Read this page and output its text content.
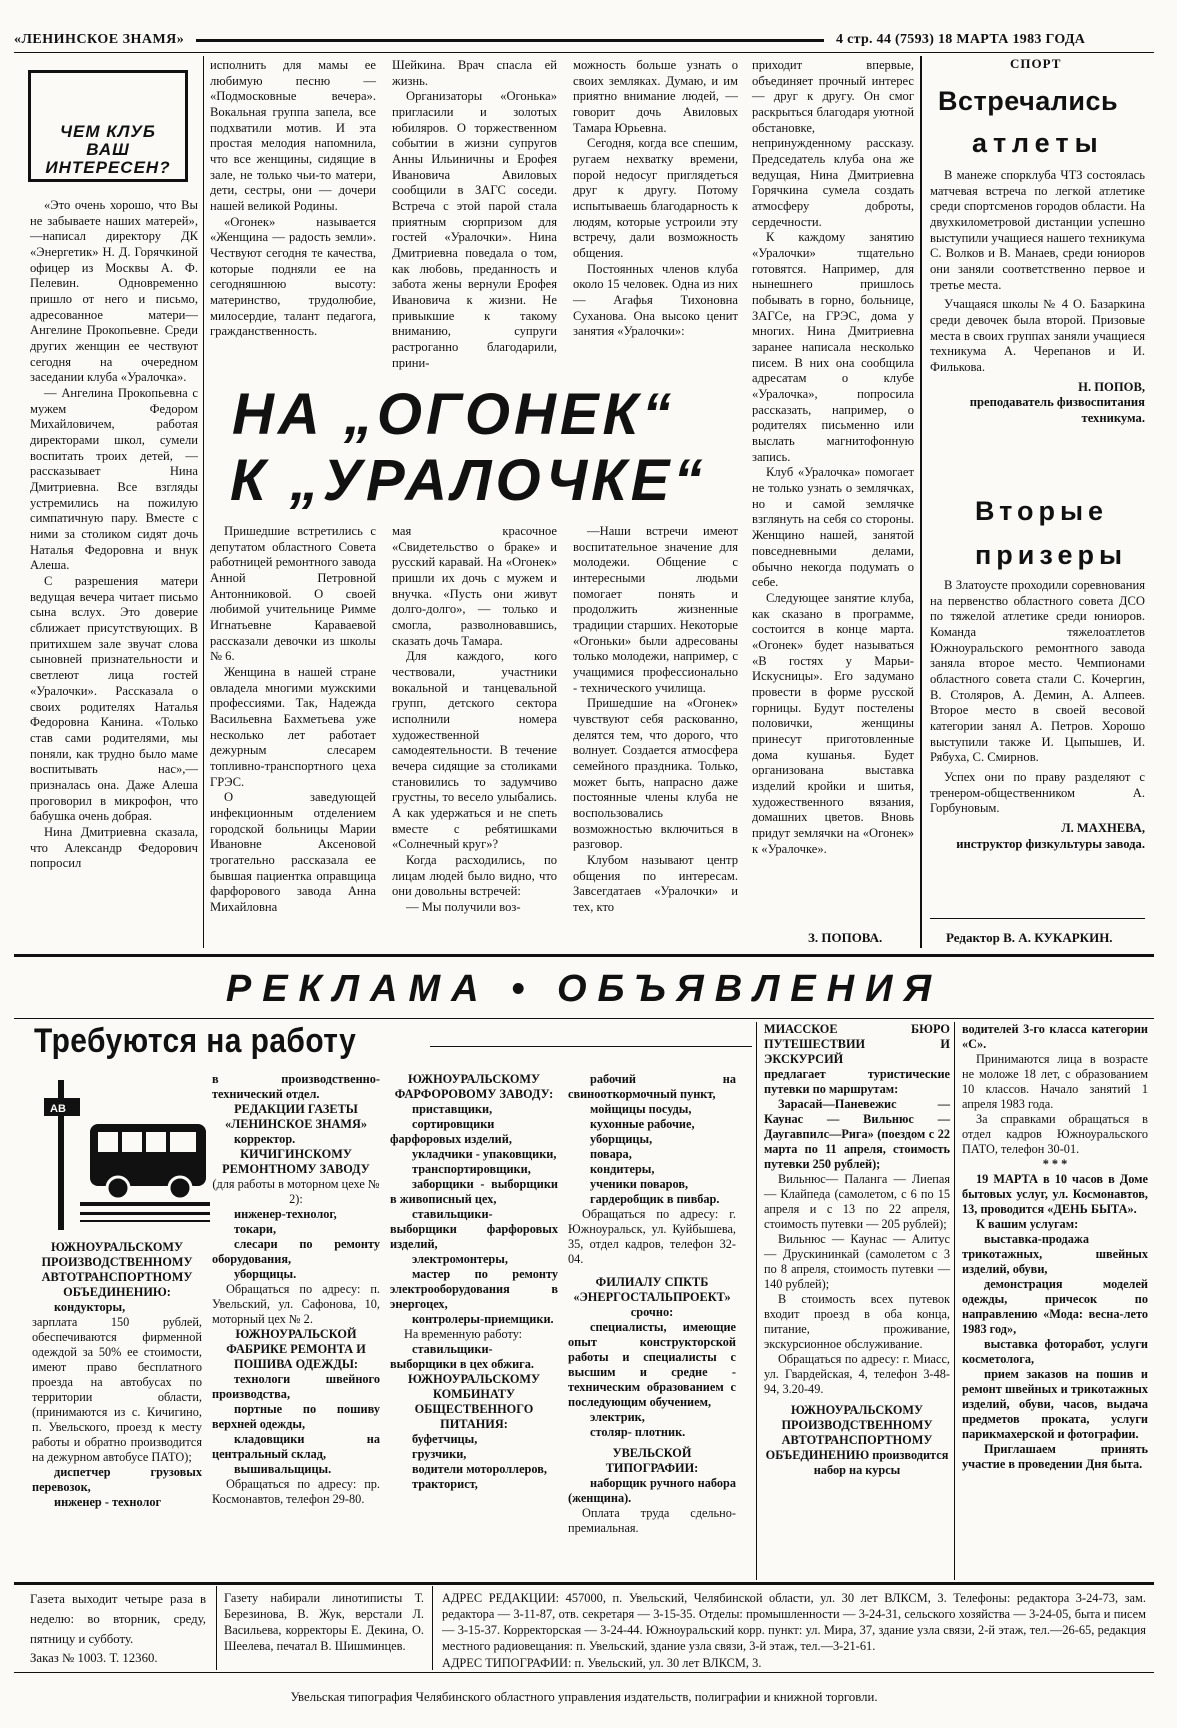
«ЛЕНИНСКОЕ ЗНАМЯ»	4 стр. 44 (7593) 18 МАРТА 1983 ГОДА
ЧЕМ КЛУБ ВАШ ИНТЕРЕСЕН?

«Это очень хорошо, что Вы не забываете наших матерей», —написал директору ДК «Энергетик» Н. Д. Горячкиной офицер из Москвы А. Ф. Пелевин. Одновременно пришло от него и письмо, адресованное матери— Ангелине Прокопьевне. Среди других женщин ее чествуют сегодня на очередном заседании клуба «Уралочка».

— Ангелина Прокопьевна с мужем Федором Михайловичем, работая директорами школ, сумели воспитать троих детей, — рассказывает Нина Дмитриевна. Все взгляды устремились на пожилую симпатичную пару. Вместе с ними за столиком сидят дочь Наталья Федоровна и внук Алеша.

С разрешения матери ведущая вечера читает письмо сына вслух. Это доверие сближает присутствующих. В притихшем зале звучат слова сыновней признательности и светлеют лица гостей «Уралочки». Рассказала о своих родителях Наталья Федоровна Канина. «Только став сами родителями, мы поняли, как трудно было маме воспитывать нас»,—призналась она. Даже Алеша проговорил в микрофон, что бабушка очень добрая.

Нина Дмитриевна сказала, что Александр Федорович попросил

исполнить для мамы ее любимую песню — «Подмосковные вечера». Вокальная группа запела, все подхватили мотив. И эта простая мелодия напомнила, что все женщины, сидящие в зале, не только чьи-то матери, дети, сестры, они — дочери нашей великой Родины.

«Огонек» называется «Женщина — радость земли». Чествуют сегодня те качества, которые подняли ее на сегодняшнюю высоту: материнство, трудолюбие, милосердие, талант педагога, гражданственность.

Шейкина. Врач спасла ей жизнь.

Организаторы «Огонька» пригласили и золотых юбиляров. О торжественном событии в жизни супругов Анны Ильиничны и Ерофея Ивановича Авиловых сообщили в ЗАГС соседи. Встреча с этой парой стала приятным сюрпризом для гостей «Уралочки». Нина Дмитриевна поведала о том, как любовь, преданность и забота жены вернули Ерофея Ивановича к жизни. Не привыкшие к такому вниманию, супруги растроганно благодарили, прини-

можность больше узнать о своих земляках. Думаю, и им приятно внимание людей, — говорит дочь Авиловых Тамара Юрьевна.

Сегодня, когда все спешим, ругаем нехватку времени, порой недосуг приглядеться друг к другу. Потому испытываешь благодарность к людям, которые устроили эту встречу, дали возможность общения.

Постоянных членов клуба около 15 человек. Одна из них — Агафья Тихоновна Суханова. Она высоко ценит занятия «Уралочки»:

приходит впервые, объединяет прочный интерес — друг к другу. Он смог раскрыться благодаря уютной обстановке, непринужденному рассказу. Председатель клуба она же ведущая, Нина Дмитриевна Горячкина сумела создать атмосферу доброты, сердечности.

К каждому занятию «Уралочки» тщательно готовятся. Например, для нынешнего пришлось побывать в горно, больнице, ЗАГСе, на ГРЭС, дома у многих. Нина Дмитриевна заранее написала несколько писем. В них она сообщила адресатам о клубе «Уралочка», попросила рассказать, например, о родителях письменно или выслать магнитофонную запись.

Клуб «Уралочка» помогает не только узнать о землячках, но и самой землячке взглянуть на себя со стороны. Женщино нашей, занятой повседневными делами, обычно некогда подумать о себе.

Следующее занятие клуба, как сказано в программе, состоится в конце марта. «Огонек» будет называться «В гостях у Марьи-Искусницы». Его задумано провести в форме русской горницы. Будут постелены половички, женщины принесут приготовленные дома кушанья. Будет организована выставка изделий кройки и шитья, художественного вязания, домашних цветов. Вновь придут землячки на «Огонек» к «Уралочке».

НА „ОГОНЕК“
К „УРАЛОЧКЕ“

Пришедшие встретились с депутатом областного Совета работницей ремонтного завода Анной Петровной Антонниковой. О своей любимой учительнице Римме Игнатьевне Караваевой рассказали девочки из школы № 6.

Женщина в нашей стране овладела многими мужскими профессиями. Так, Надежда Васильевна Бахметьева уже несколько лет работает дежурным слесарем топливно-транспортного цеха ГРЭС.

О заведующей инфекционным отделением городской больницы Марии Ивановне Аксеновой трогательно рассказала ее бывшая пациентка оправщица фарфорового завода Анна Михайловна

мая красочное «Свидетельство о браке» и русский каравай. На «Огонек» пришли их дочь с мужем и внучка. «Пусть они живут долго-долго», — только и смогла, разволновавшись, сказать дочь Тамара.

Для каждого, кого чествовали, участники вокальной и танцевальной групп, детского сектора исполнили номера художественной самодеятельности. В течение вечера сидящие за столиками становились то задумчиво грустны, то весело улыбались. А как удержаться и не спеть вместе с ребятишками «Солнечный круг»?

Когда расходились, по лицам людей было видно, что они довольны встречей:

— Мы получили воз-

—Наши встречи имеют воспитательное значение для молодежи. Общение с интересными людьми помогает понять и продолжить жизненные традиции старших. Некоторые «Огоньки» были адресованы только молодежи, например, с учащимися профессионально - технического училища.

Пришедшие на «Огонек» чувствуют себя раскованно, делятся тем, что дорого, что волнует. Создается атмосфера семейного праздника. Только, может быть, напрасно даже постоянные члены клуба не воспользовались возможностью включиться в разговор.

Клубом называют центр общения по интересам. Завсегдатаев «Уралочки» и тех, кто

З. ПОПОВА.
СПОРТ
Встречались
атлеты

В манеже спорклуба ЧТЗ состоялась матчевая встреча по легкой атлетике среди спортсменов городов области. На двухкилометровой дистанции успешно выступили учащиеся нашего техникума С. Волков и В. Манаев, среди юниоров они заняли соответственно первое и третье места.

Учащаяся школы № 4 О. Базаркина среди девочек была второй. Призовые места в своих группах заняли учащиеся техникума А. Черепанов и И. Филькова.

Н. ПОПОВ,
преподаватель физвоспитания техникума.
Вторые
призеры

В Златоусте проходили соревнования на первенство областного совета ДСО по тяжелой атлетике среди юниоров. Команда тяжелоатлетов Южноуральского ремонтного завода заняла второе место. Чемпионами областного совета стали С. Кочергин, В. Столяров, А. Демин, А. Алпеев. Второе место в своей весовой категории занял А. Петров. Хорошо выступили также И. Цыпышев, И. Рябуха, С. Смирнов.

Успех они по праву разделяют с тренером-общественником А. Горбуновым.

Л. МАХНЕВА,
инструктор физкультуры завода.
Редактор В. А. КУКАРКИН.
РЕКЛАМА • ОБЪЯВЛЕНИЯ
Требуются на работу
АВ
ЮЖНОУРАЛЬСКОМУ ПРОИЗВОДСТВЕННОМУ АВТОТРАНСПОРТНОМУ ОБЪЕДИНЕНИЮ:
кондукторы,

зарплата 150 рублей, обеспечиваются фирменной одеждой за 50% ее стоимости, имеют право бесплатного проезда на автобусах по территории области, (принимаются из с. Кичигино, п. Увельского, проезд к месту работы и обратно производится на дежурном автобусе ПАТО);

диспетчер грузовых перевозок,
инженер - технолог
в производственно-технический отдел.
РЕДАКЦИИ ГАЗЕТЫ «ЛЕНИНСКОЕ ЗНАМЯ»
корректор.
КИЧИГИНСКОМУ РЕМОНТНОМУ ЗАВОДУ
(для работы в моторном цехе № 2):
инженер-технолог,
токари,
слесари по ремонту оборудования,
уборщицы.

Обращаться по адресу: п. Увельский, ул. Сафонова, 10, моторный цех № 2.

ЮЖНОУРАЛЬСКОЙ ФАБРИКЕ РЕМОНТА И ПОШИВА ОДЕЖДЫ:
технологи швейного производства,
портные по пошиву верхней одежды,
кладовщики на центральный склад,
вышивальщицы.

Обращаться по адресу: пр. Космонавтов, телефон 29-80.

ЮЖНОУРАЛЬСКОМУ ФАРФОРОВОМУ ЗАВОДУ:
приставщики,
сортировщики фарфоровых изделий,
укладчики - упаковщики,
транспортировщики,
заборщики - выборщики в живописный цех,
ставильщики-выборщики фарфоровых изделий,
электромонтеры,
мастер по ремонту электрооборудования в энергоцех,
контролеры-приемщики.

На временную работу:

ставильщики-выборщики в цех обжига.
ЮЖНОУРАЛЬСКОМУ КОМБИНАТУ ОБЩЕСТВЕННОГО ПИТАНИЯ:
буфетчицы,
грузчики,
водители мотороллеров,
тракторист,
рабочий на свинооткормочный пункт,
мойщицы посуды,
кухонные рабочие,
уборщицы,
повара,
кондитеры,
ученики поваров,
гардеробщик в пивбар.

Обращаться по адресу: г. Южноуральск, ул. Куйбышева, 35, отдел кадров, телефон 32-04.

ФИЛИАЛУ СПКТБ «ЭНЕРГОСТАЛЬПРОЕКТ» срочно:
специалисты, имеющие опыт конструкторской работы и специалисты с высшим и средне - техническим образованием с последующим обучением,
электрик,
столяр- плотник.
УВЕЛЬСКОЙ ТИПОГРАФИИ:
наборщик ручного набора (женщина).

Оплата труда сдельно-премиальная.

МИАССКОЕ БЮРО ПУТЕШЕСТВИИ И ЭКСКУРСИЙ
предлагает туристические путевки по маршрутам:

Зарасай—Паневежис — Каунас — Вильнюс —Даугавпилс—Рига» (поездом с 22 марта по 11 апреля, стоимость путевки 250 рублей);

Вильнюс— Паланга — Лиепая — Клайпеда (самолетом, с 6 по 15 апреля и с 13 по 22 апреля, стоимость путевки — 205 рублей);

Вильнюс — Каунас — Алитус — Друскининкай (самолетом с 3 по 8 апреля, стоимость путевки — 140 рублей);

В стоимость всех путевок входит проезд в оба конца, питание, проживание, экскурсионное обслуживание.

Обращаться по адресу: г. Миасс, ул. Гвардейская, 4, телефон 3-48-94, 3.20-49.

ЮЖНОУРАЛЬСКОМУ ПРОИЗВОДСТВЕННОМУ АВТОТРАНСПОРТНОМУ ОБЪЕДИНЕНИЮ производится набор на курсы
водителей 3-го класса категории «С».

Принимаются лица в возрасте не моложе 18 лет, с образованием 10 классов. Начало занятий 1 апреля 1983 года.

За справками обращаться в отдел кадров Южноуральского ПАТО, телефон 30-01.

* * *

19 МАРТА в 10 часов в Доме бытовых услуг, ул. Космонавтов, 13, проводится «ДЕНЬ БЫТА».

К вашим услугам:
выставка-продажа трикотажных, швейных изделий, обуви,
демонстрация моделей одежды, причесок по направлению «Мода: весна-лето 1983 год»,
выставка фоторабот, услуги косметолога,
прием заказов на пошив и ремонт швейных и трикотажных изделий, обуви, часов, выдача предметов проката, услуги парикмахерской и фотографии.
Приглашаем принять участие в проведении Дня быта.
Газета выходит четыре раза в неделю: во вторник, среду, пятницу и субботу.
Заказ № 1003. Т. 12360.
Газету набирали линотиписты Т. Березинова, В. Жук, верстали Л. Васильева, корректоры Е. Декина, О. Шеелева, печатал В. Шишминцев.
АДРЕС РЕДАКЦИИ: 457000, п. Увельский, Челябинской области, ул. 30 лет ВЛКСМ, 3. Телефоны: редактора 3-24-73, зам. редактора — 3-11-87, отв. секретаря — 3-15-35. Отделы: промышленности — 3-24-31, сельского хозяйства — 3-24-05, быта и писем — 3-15-37. Корректорская — 3-24-44. Южноуральский корр. пункт: ул. Мира, 37, здание узла связи, 2-й этаж, тел.—26-65, редакция местного радиовещания: п. Увельский, здание узла связи, 3-й этаж, тел.—3-21-61.
АДРЕС ТИПОГРАФИИ: п. Увельский, ул. 30 лет ВЛКСМ, 3.
Увельская типография Челябинского областного управления издательств, полиграфии и книжной торговли.
